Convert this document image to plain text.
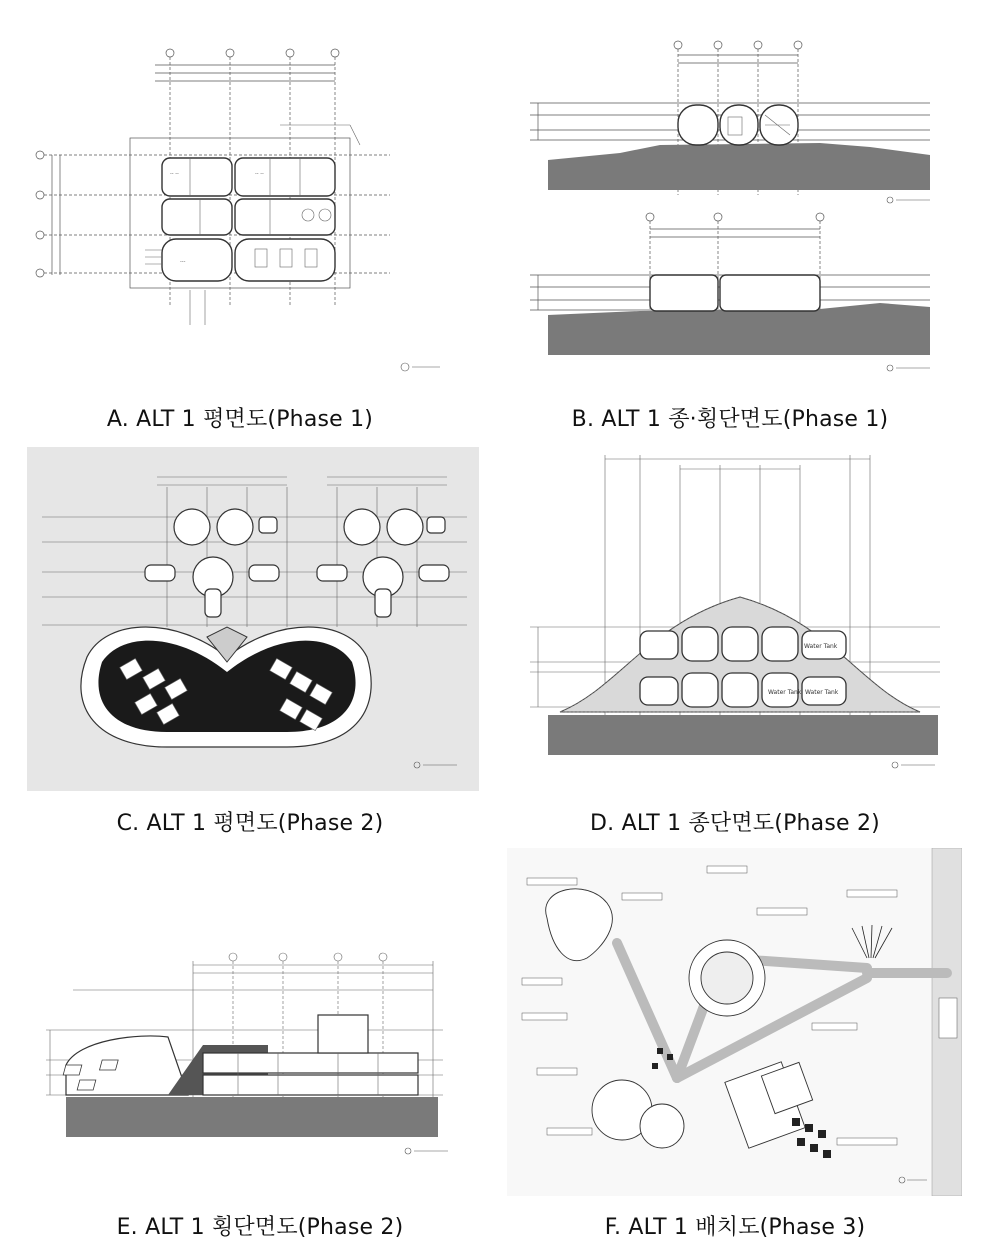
-- --	-- --
---
A. ALT 1 평면도(Phase 1)	B. ALT 1 종·횡단면도(Phase 1)
C. ALT 1 평면도(Phase 2)
Water Tank
Water Tank Water Tank
D. ALT 1 종단면도(Phase 2)
E. ALT 1 횡단면도(Phase 2)	F. ALT 1 배치도(Phase 3)
